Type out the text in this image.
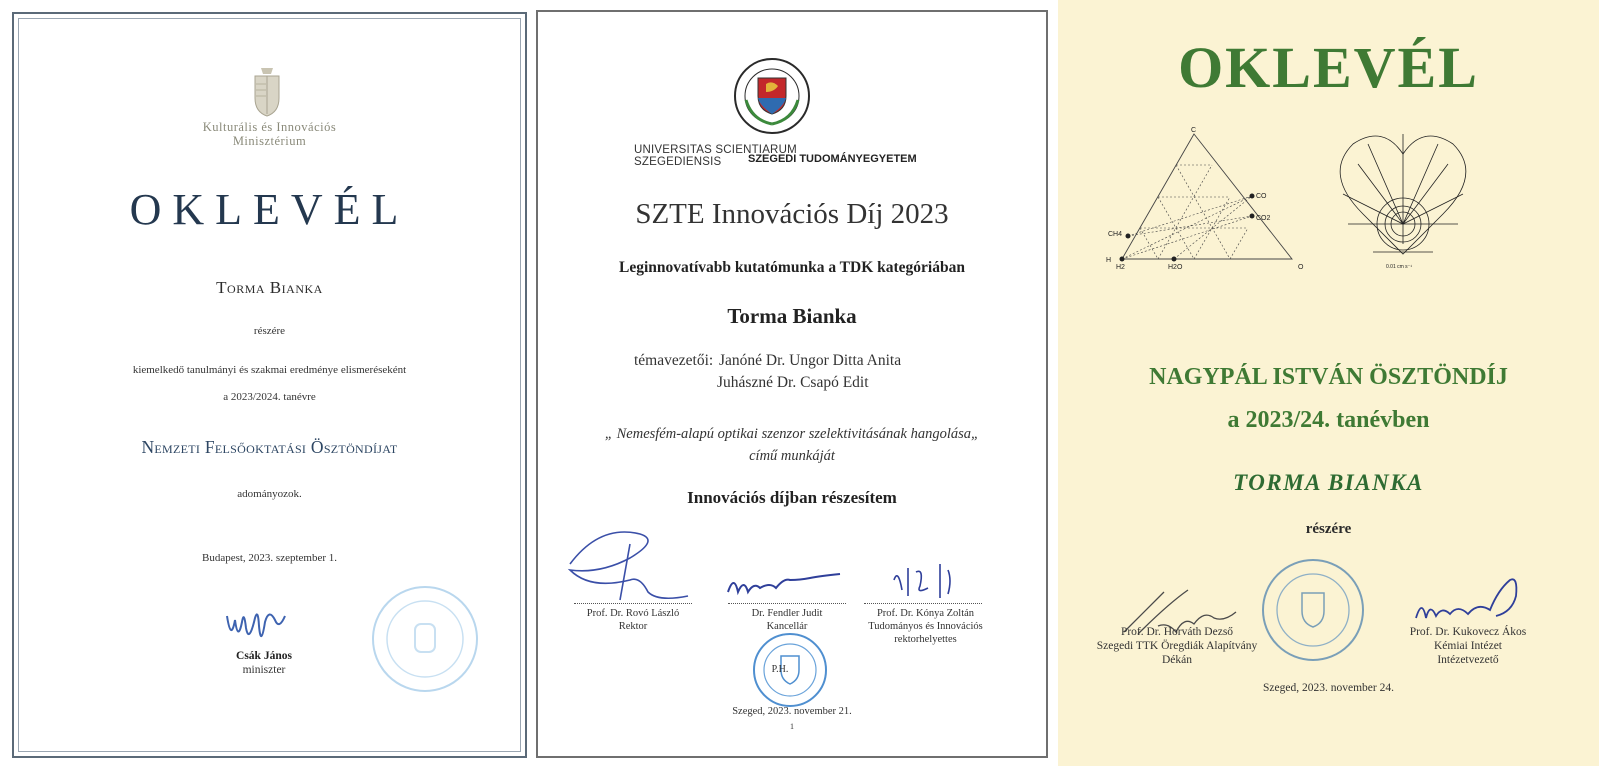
Kulturális és Innovációs
Minisztérium
OKLEVÉL
Torma Bianka
részére
kiemelkedő tanulmányi és szakmai eredménye elismeréseként
a 2023/2024. tanévre
Nemzeti Felsőoktatási Ösztöndíjat
adományozok.
Budapest, 2023. szeptember 1.
Csák János
miniszter
UNIVERSITAS SCIENTIARUM SZEGEDIENSIS	SZEGEDI TUDOMÁNYEGYETEM
SZTE Innovációs Díj 2023
Leginnovatívabb kutatómunka a TDK kategóriában
Torma Bianka
témavezetői: Janóné Dr. Ungor Ditta Anita
Juhászné Dr. Csapó Edit
„ Nemesfém-alapú optikai szenzor szelektivitásának hangolása„
című munkáját
Innovációs díjban részesítem
Prof. Dr. Rovó László
Rektor
Dr. Fendler Judit
Kancellár
Prof. Dr. Kónya Zoltán
Tudományos és Innovációs
rektorhelyettes
P.H.
Szeged, 2023. november 21.
1
OKLEVÉL
C
CO
CO2
CH4
H
H2	H2O	O	0.01 cm s⁻¹
NAGYPÁL ISTVÁN ÖSZTÖNDÍJ
a 2023/24. tanévben
TORMA BIANKA
részére
Prof. Dr. Horváth Dezső
Szegedi TTK Öregdiák Alapítvány
Dékán
Prof. Dr. Kukovecz Ákos
Kémiai Intézet
Intézetvezető
Szeged, 2023. november 24.
